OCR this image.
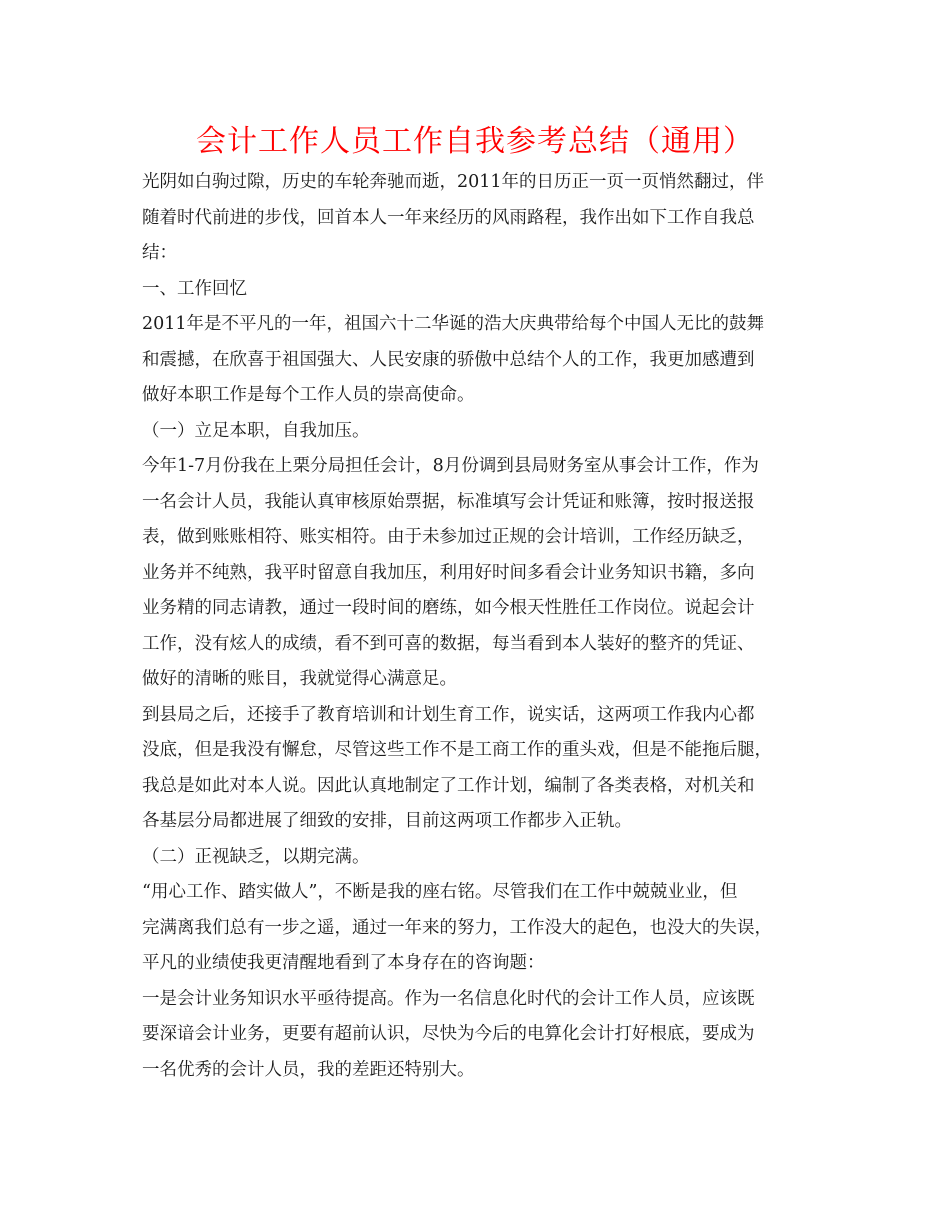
会计工作人员工作自我参考总结（通用）
光阴如白驹过隙，历史的车轮奔驰而逝，2011年的日历正一页一页悄然翻过，伴
随着时代前进的步伐，回首本人一年来经历的风雨路程，我作出如下工作自我总
结：
一、工作回忆
2011年是不平凡的一年，祖国六十二华诞的浩大庆典带给每个中国人无比的鼓舞
和震撼，在欣喜于祖国强大、人民安康的骄傲中总结个人的工作，我更加感遭到
做好本职工作是每个工作人员的崇高使命。
（一）立足本职，自我加压。
今年1-7月份我在上栗分局担任会计，8月份调到县局财务室从事会计工作，作为
一名会计人员，我能认真审核原始票据，标准填写会计凭证和账簿，按时报送报
表，做到账账相符、账实相符。由于未参加过正规的会计培训，工作经历缺乏，
业务并不纯熟，我平时留意自我加压，利用好时间多看会计业务知识书籍，多向
业务精的同志请教，通过一段时间的磨练，如今根天性胜任工作岗位。说起会计
工作，没有炫人的成绩，看不到可喜的数据，每当看到本人装好的整齐的凭证、
做好的清晰的账目，我就觉得心满意足。
到县局之后，还接手了教育培训和计划生育工作，说实话，这两项工作我内心都
没底，但是我没有懈怠，尽管这些工作不是工商工作的重头戏，但是不能拖后腿，
我总是如此对本人说。因此认真地制定了工作计划，编制了各类表格，对机关和
各基层分局都进展了细致的安排，目前这两项工作都步入正轨。
（二）正视缺乏，以期完满。
“用心工作、踏实做人”，不断是我的座右铭。尽管我们在工作中兢兢业业，但
完满离我们总有一步之遥，通过一年来的努力，工作没大的起色，也没大的失误，
平凡的业绩使我更清醒地看到了本身存在的咨询题：
一是会计业务知识水平亟待提高。作为一名信息化时代的会计工作人员，应该既
要深谙会计业务，更要有超前认识，尽快为今后的电算化会计打好根底，要成为
一名优秀的会计人员，我的差距还特别大。
